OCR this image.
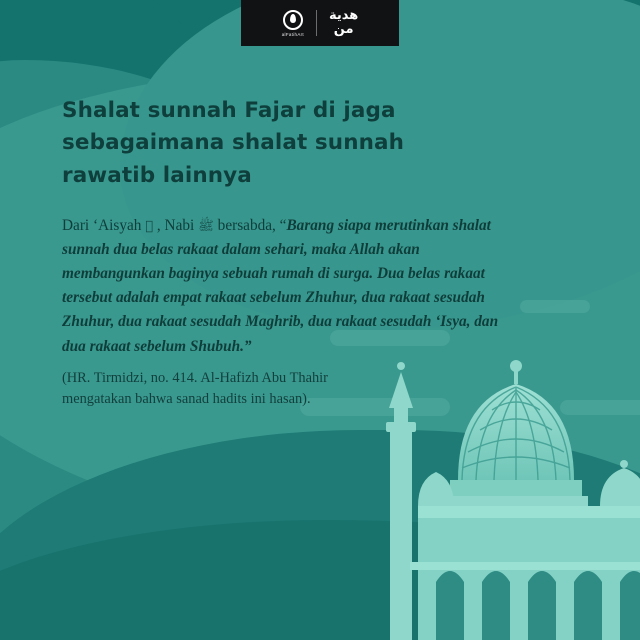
alFatihArt
هدية
من
Shalat sunnah Fajar di jaga sebagaimana shalat sunnah rawatib lainnya
Dari ‘Aisyah ﷞ , Nabi ﷺ bersabda, “Barang siapa merutinkan shalat sunnah dua belas rakaat dalam sehari, maka Allah akan membangunkan baginya sebuah rumah di surga. Dua belas rakaat tersebut adalah empat rakaat sebelum Zhuhur, dua rakaat sesudah Zhuhur, dua rakaat sesudah Maghrib, dua rakaat sesudah ‘Isya, dan dua rakaat sebelum Shubuh.”
(HR. Tirmidzi, no. 414. Al-Hafizh Abu Thahir
mengatakan bahwa sanad hadits ini hasan).
